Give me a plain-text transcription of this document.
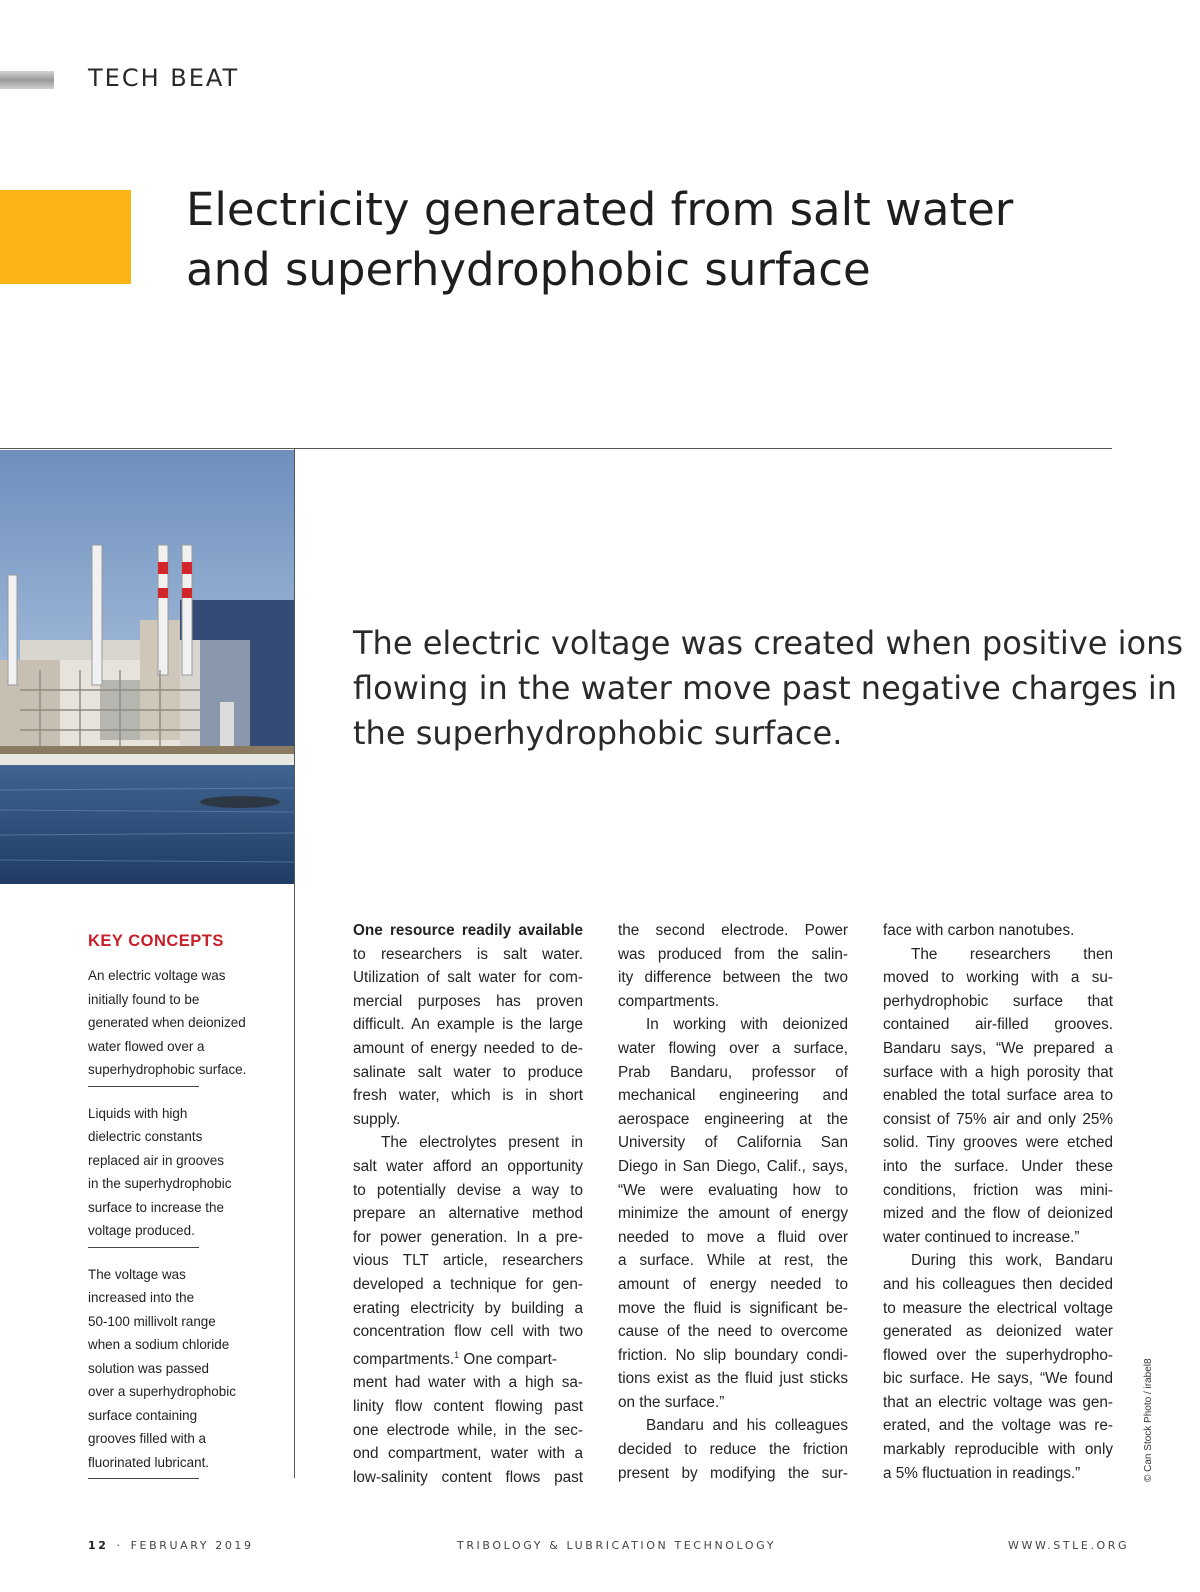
TECH BEAT
Electricity generated from salt water
and superhydrophobic surface
The electric voltage was created when positive ions
flowing in the water move past negative charges in
the superhydrophobic surface.
KEY CONCEPTS
An electric voltage was
initially found to be
generated when deionized
water flowed over a
superhydrophobic surface.
Liquids with high
dielectric constants
replaced air in grooves
in the superhydrophobic
surface to increase the
voltage produced.
The voltage was
increased into the
50-100 millivolt range
when a sodium chloride
solution was passed
over a superhydrophobic
surface containing
grooves filled with a
fluorinated lubricant.
One resource readily available
to researchers is salt water.
Utilization of salt water for com-
mercial purposes has proven
difficult. An example is the large
amount of energy needed to de-
salinate salt water to produce
fresh water, which is in short
supply.
The electrolytes present in
salt water afford an opportunity
to potentially devise a way to
prepare an alternative method
for power generation. In a pre-
vious TLT article, researchers
developed a technique for gen-
erating electricity by building a
concentration flow cell with two
compartments.$^1$ One compart-
ment had water with a high sa-
linity flow content flowing past
one electrode while, in the sec-
ond compartment, water with a
low-salinity content flows past
the second electrode. Power
was produced from the salin-
ity difference between the two
compartments.
In working with deionized
water flowing over a surface,
Prab Bandaru, professor of
mechanical engineering and
aerospace engineering at the
University of California San
Diego in San Diego, Calif., says,
“We were evaluating how to
minimize the amount of energy
needed to move a fluid over
a surface. While at rest, the
amount of energy needed to
move the fluid is significant be-
cause of the need to overcome
friction. No slip boundary condi-
tions exist as the fluid just sticks
on the surface.”
Bandaru and his colleagues
decided to reduce the friction
present by modifying the sur-
face with carbon nanotubes.
The researchers then
moved to working with a su-
perhydrophobic surface that
contained air-filled grooves.
Bandaru says, “We prepared a
surface with a high porosity that
enabled the total surface area to
consist of 75% air and only 25%
solid. Tiny grooves were etched
into the surface. Under these
conditions, friction was mini-
mized and the flow of deionized
water continued to increase.”
During this work, Bandaru
and his colleagues then decided
to measure the electrical voltage
generated as deionized water
flowed over the superhydropho-
bic surface. He says, “We found
that an electric voltage was gen-
erated, and the voltage was re-
markably reproducible with only
a 5% fluctuation in readings.”	© Can Stock Photo / irabel8
12 · FEBRUARY 2019	TRIBOLOGY & LUBRICATION TECHNOLOGY	WWW.STLE.ORG
